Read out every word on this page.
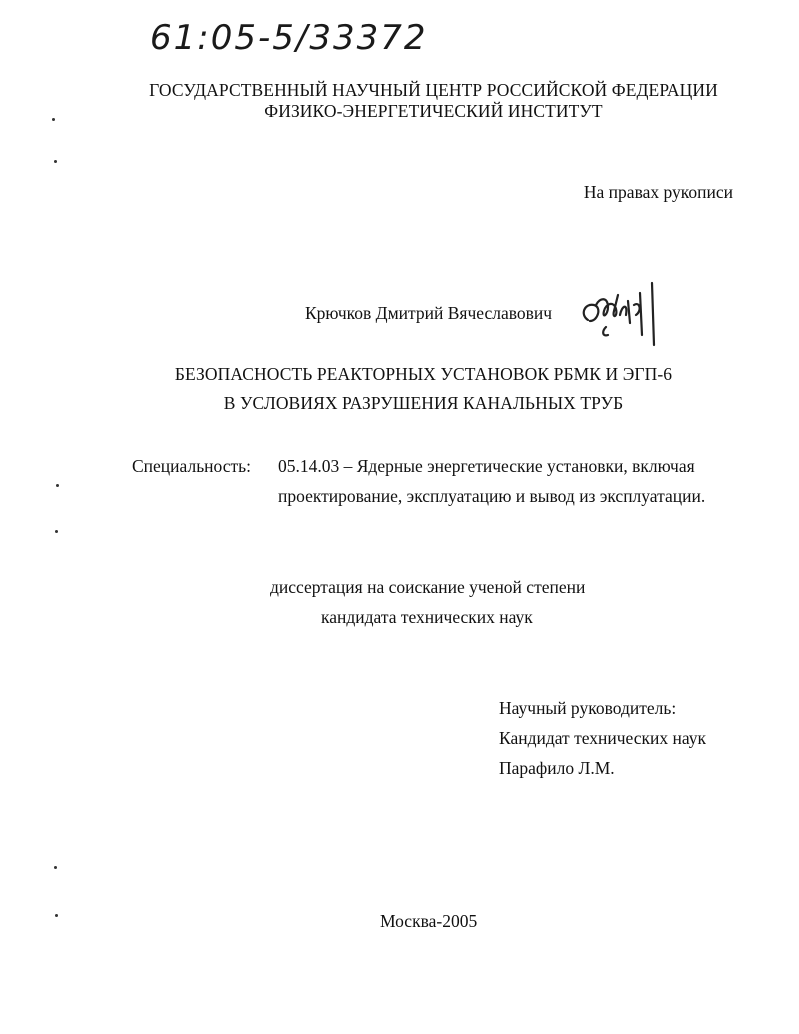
61:05-5/33372
ГОСУДАРСТВЕННЫЙ НАУЧНЫЙ ЦЕНТР РОССИЙСКОЙ ФЕДЕРАЦИИ
ФИЗИКО-ЭНЕРГЕТИЧЕСКИЙ ИНСТИТУТ
На правах рукописи
Крючков Дмитрий Вячеславович
БЕЗОПАСНОСТЬ РЕАКТОРНЫХ УСТАНОВОК РБМК И ЭГП-6
В УСЛОВИЯХ РАЗРУШЕНИЯ КАНАЛЬНЫХ ТРУБ
Специальность: 05.14.03 – Ядерные энергетические установки, включая
проектирование, эксплуатацию и вывод из эксплуатации.
диссертация на соискание ученой степени
кандидата технических наук
Научный руководитель:
Кандидат технических наук
Парафило Л.М.
Москва-2005
